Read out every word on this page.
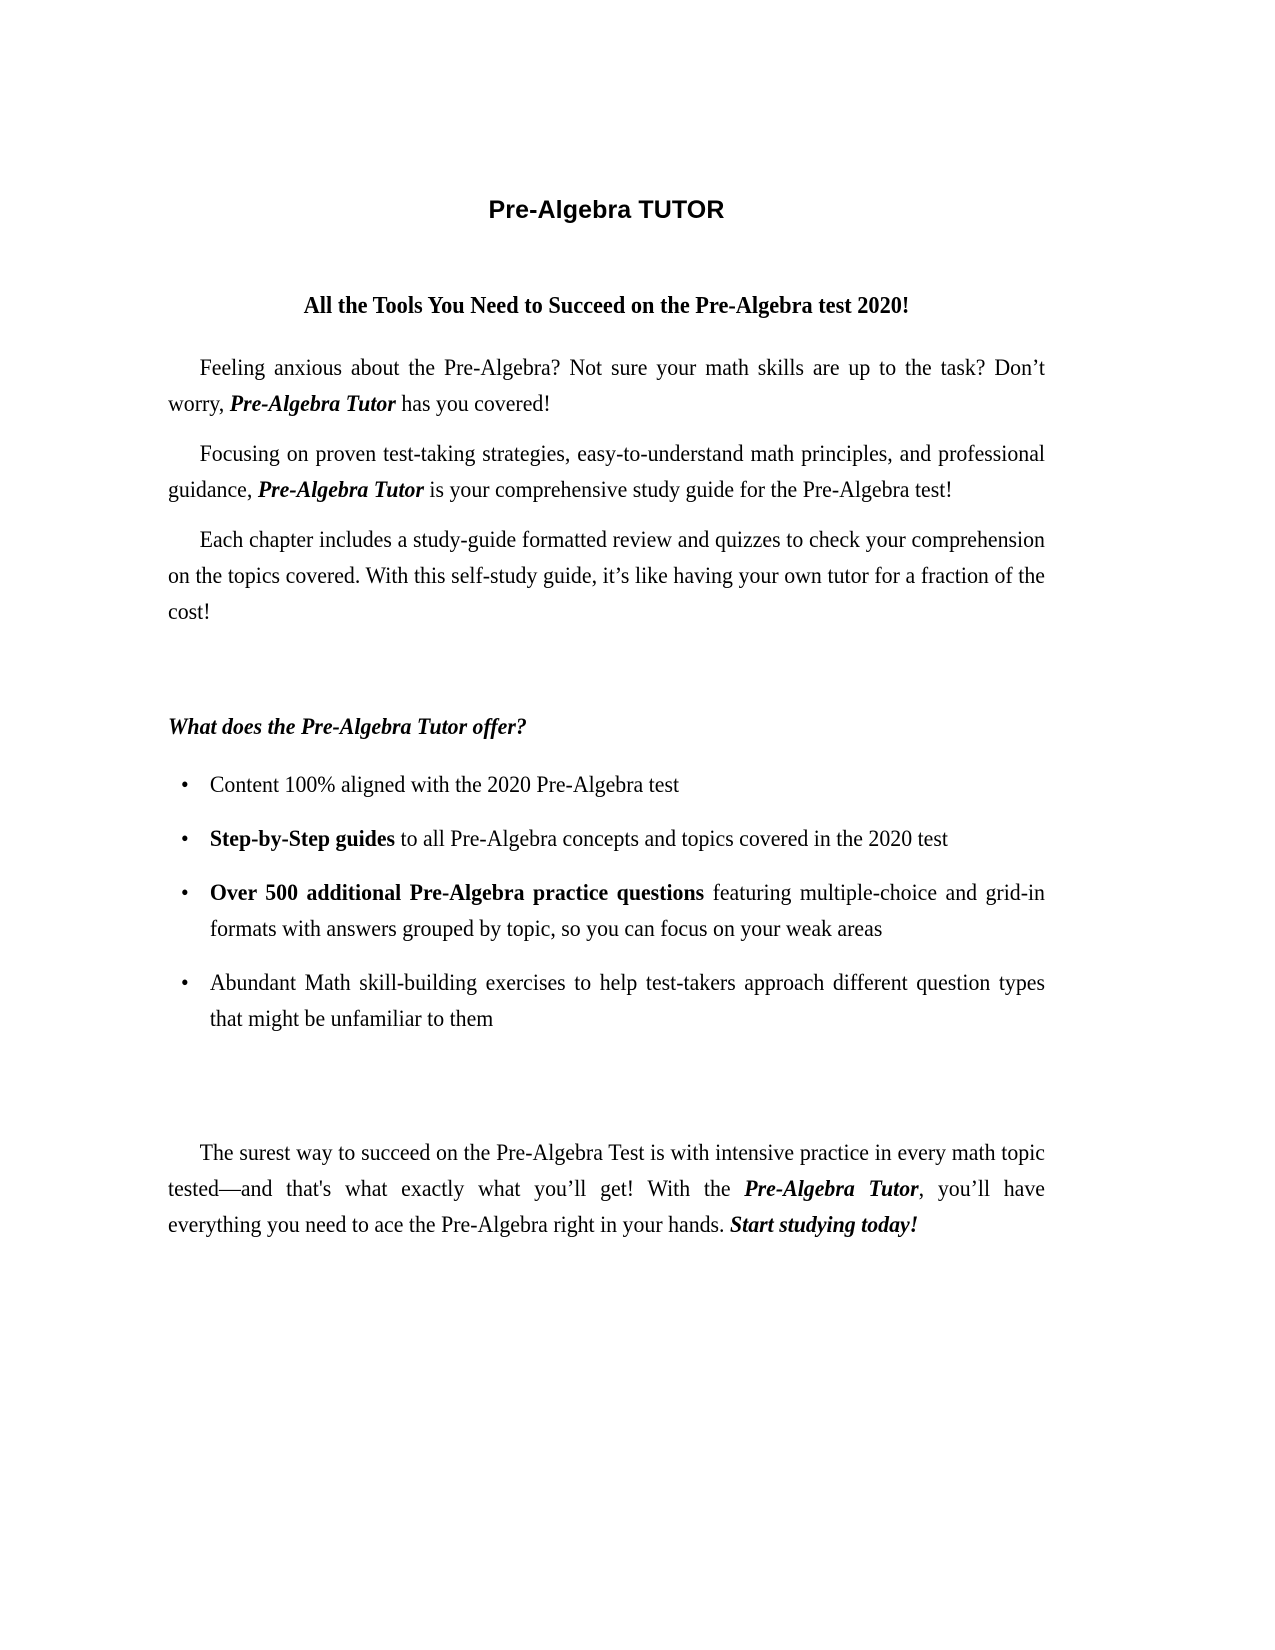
Pre-Algebra TUTOR
All the Tools You Need to Succeed on the Pre-Algebra test 2020!

Feeling anxious about the Pre-Algebra? Not sure your math skills are up to the task? Don’t worry, Pre-Algebra Tutor has you covered!

Focusing on proven test-taking strategies, easy-to-understand math principles, and professional guidance, Pre-Algebra Tutor is your comprehensive study guide for the Pre-Algebra test!

Each chapter includes a study-guide formatted review and quizzes to check your comprehension on the topics covered. With this self-study guide, it’s like having your own tutor for a fraction of the cost!

What does the Pre-Algebra Tutor offer?
• Content 100% aligned with the 2020 Pre-Algebra test
• Step-by-Step guides to all Pre-Algebra concepts and topics covered in the 2020 test
• Over 500 additional Pre-Algebra practice questions featuring multiple-choice and grid-in formats with answers grouped by topic, so you can focus on your weak areas
• Abundant Math skill-building exercises to help test-takers approach different question types that might be unfamiliar to them

The surest way to succeed on the Pre-Algebra Test is with intensive practice in every math topic tested—and that's what exactly what you’ll get! With the Pre-Algebra Tutor, you’ll have everything you need to ace the Pre-Algebra right in your hands. Start studying today!
